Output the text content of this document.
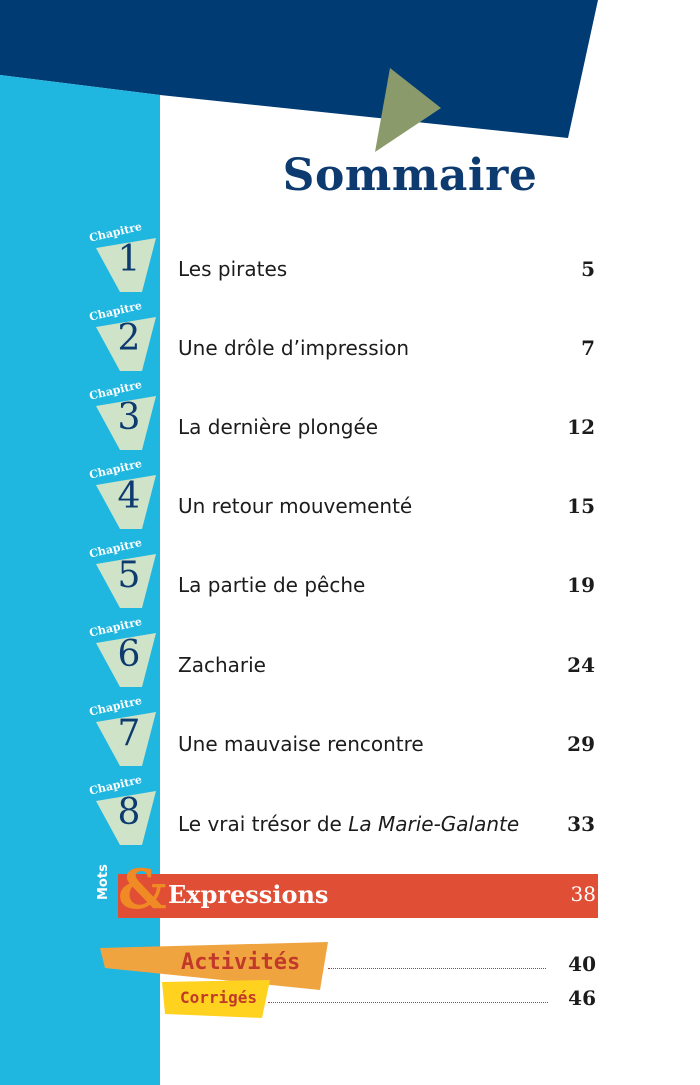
Sommaire
Chapitre
1
Chapitre
2
Chapitre
3
Chapitre
4
Chapitre
5
Chapitre
6
Chapitre
7
Chapitre
8
Les pirates	5
Une drôle d’impression	7
La dernière plongée	12
Un retour mouvementé	15
La partie de pêche	19
Zacharie	24
Une mauvaise rencontre	29
Le vrai trésor de La Marie-Galante 33
Mots & Expressions	38
Activités	40
Corrigés	46
